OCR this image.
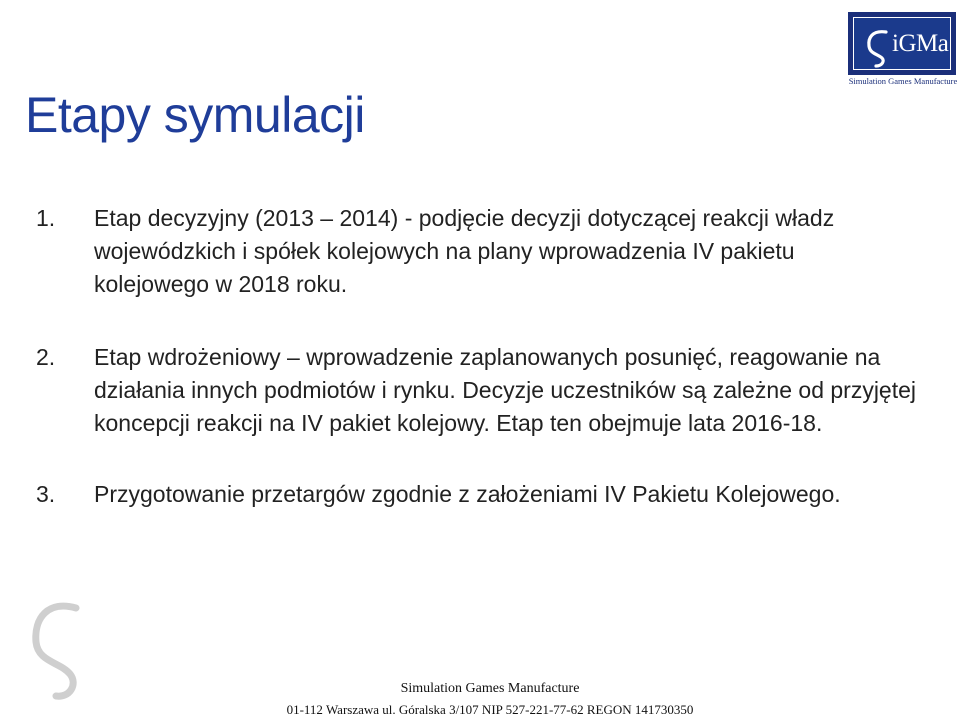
Etapy symulacji
iGMa
Simulation Games Manufacture
1. Etap decyzyjny (2013 – 2014) - podjęcie decyzji dotyczącej reakcji władz wojewódzkich i spółek kolejowych na plany wprowadzenia IV pakietu kolejowego w 2018 roku.
2. Etap wdrożeniowy – wprowadzenie zaplanowanych posunięć, reagowanie na działania innych podmiotów i rynku. Decyzje uczestników są zależne od przyjętej koncepcji reakcji na IV pakiet kolejowy. Etap ten obejmuje lata 2016-18.
3. Przygotowanie przetargów zgodnie z założeniami IV Pakietu Kolejowego.
Simulation Games Manufacture
01-112 Warszawa ul. Góralska 3/107 NIP 527-221-77-62 REGON 141730350
